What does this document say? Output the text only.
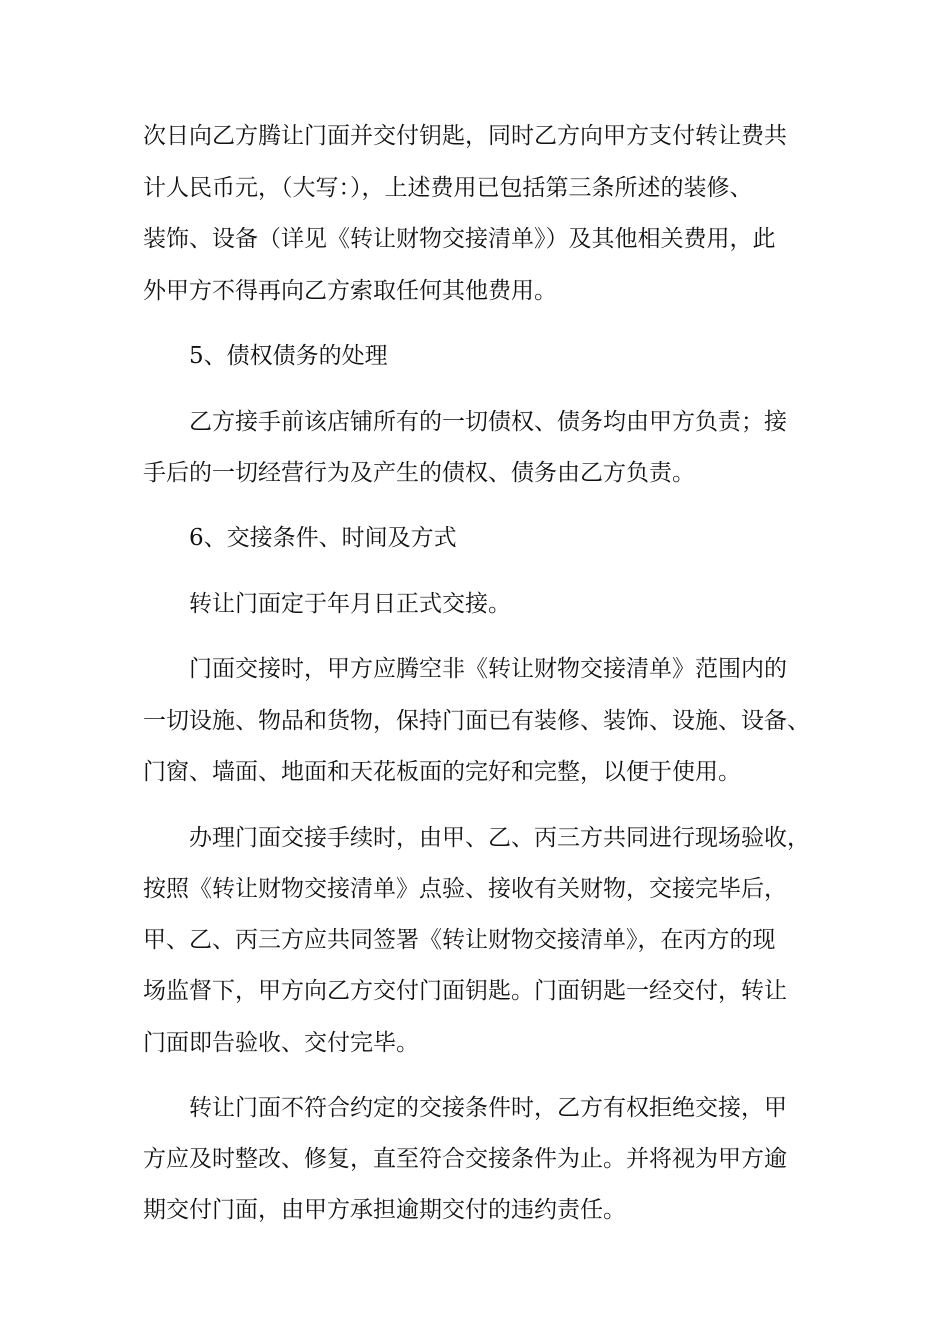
次日向乙方腾让门面并交付钥匙，同时乙方向甲方支付转让费共
计人民币元，（大写：），上述费用已包括第三条所述的装修、
装饰、设备（详见《转让财物交接清单》）及其他相关费用，此
外甲方不得再向乙方索取任何其他费用。
5、债权债务的处理
乙方接手前该店铺所有的一切债权、债务均由甲方负责；接
手后的一切经营行为及产生的债权、债务由乙方负责。
6、交接条件、时间及方式
转让门面定于年月日正式交接。
门面交接时，甲方应腾空非《转让财物交接清单》范围内的
一切设施、物品和货物，保持门面已有装修、装饰、设施、设备、
门窗、墙面、地面和天花板面的完好和完整，以便于使用。
办理门面交接手续时，由甲、乙、丙三方共同进行现场验收，
按照《转让财物交接清单》点验、接收有关财物，交接完毕后，
甲、乙、丙三方应共同签署《转让财物交接清单》，在丙方的现
场监督下，甲方向乙方交付门面钥匙。门面钥匙一经交付，转让
门面即告验收、交付完毕。
转让门面不符合约定的交接条件时，乙方有权拒绝交接，甲
方应及时整改、修复，直至符合交接条件为止。并将视为甲方逾
期交付门面，由甲方承担逾期交付的违约责任。
